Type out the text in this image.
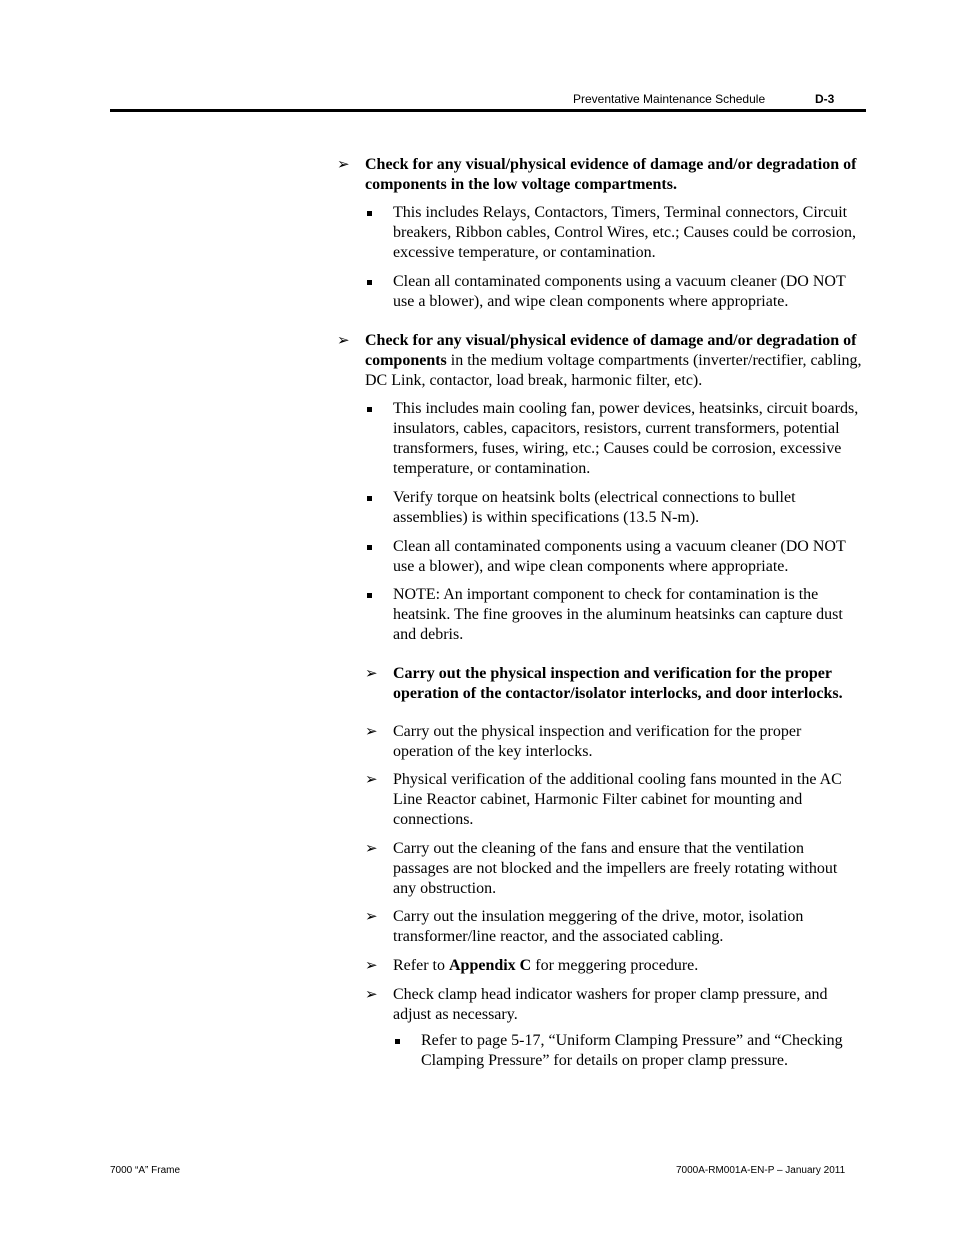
Preventative Maintenance Schedule	D-3
➢ Check for any visual/physical evidence of damage and/or degradation of components in the low voltage compartments.
This includes Relays, Contactors, Timers, Terminal connectors, Circuit breakers, Ribbon cables, Control Wires, etc.; Causes could be corrosion, excessive temperature, or contamination.
Clean all contaminated components using a vacuum cleaner (DO NOT use a blower), and wipe clean components where appropriate.
➢ Check for any visual/physical evidence of damage and/or degradation of components in the medium voltage compartments (inverter/rectifier, cabling, DC Link, contactor, load break, harmonic filter, etc).
This includes main cooling fan, power devices, heatsinks, circuit boards, insulators, cables, capacitors, resistors, current transformers, potential transformers, fuses, wiring, etc.; Causes could be corrosion, excessive temperature, or contamination.
Verify torque on heatsink bolts (electrical connections to bullet assemblies) is within specifications (13.5 N-m).
Clean all contaminated components using a vacuum cleaner (DO NOT use a blower), and wipe clean components where appropriate.
NOTE: An important component to check for contamination is the heatsink. The fine grooves in the aluminum heatsinks can capture dust and debris.
➢ Carry out the physical inspection and verification for the proper operation of the contactor/isolator interlocks, and door interlocks.
➢ Carry out the physical inspection and verification for the proper operation of the key interlocks.
➢ Physical verification of the additional cooling fans mounted in the AC Line Reactor cabinet, Harmonic Filter cabinet for mounting and connections.
➢ Carry out the cleaning of the fans and ensure that the ventilation passages are not blocked and the impellers are freely rotating without any obstruction.
➢ Carry out the insulation meggering of the drive, motor, isolation transformer/line reactor, and the associated cabling.
➢ Refer to Appendix C for meggering procedure.
➢ Check clamp head indicator washers for proper clamp pressure, and adjust as necessary.
Refer to page 5-17, “Uniform Clamping Pressure” and “Checking Clamping Pressure” for details on proper clamp pressure.
7000 “A” Frame	7000A-RM001A-EN-P – January 2011
